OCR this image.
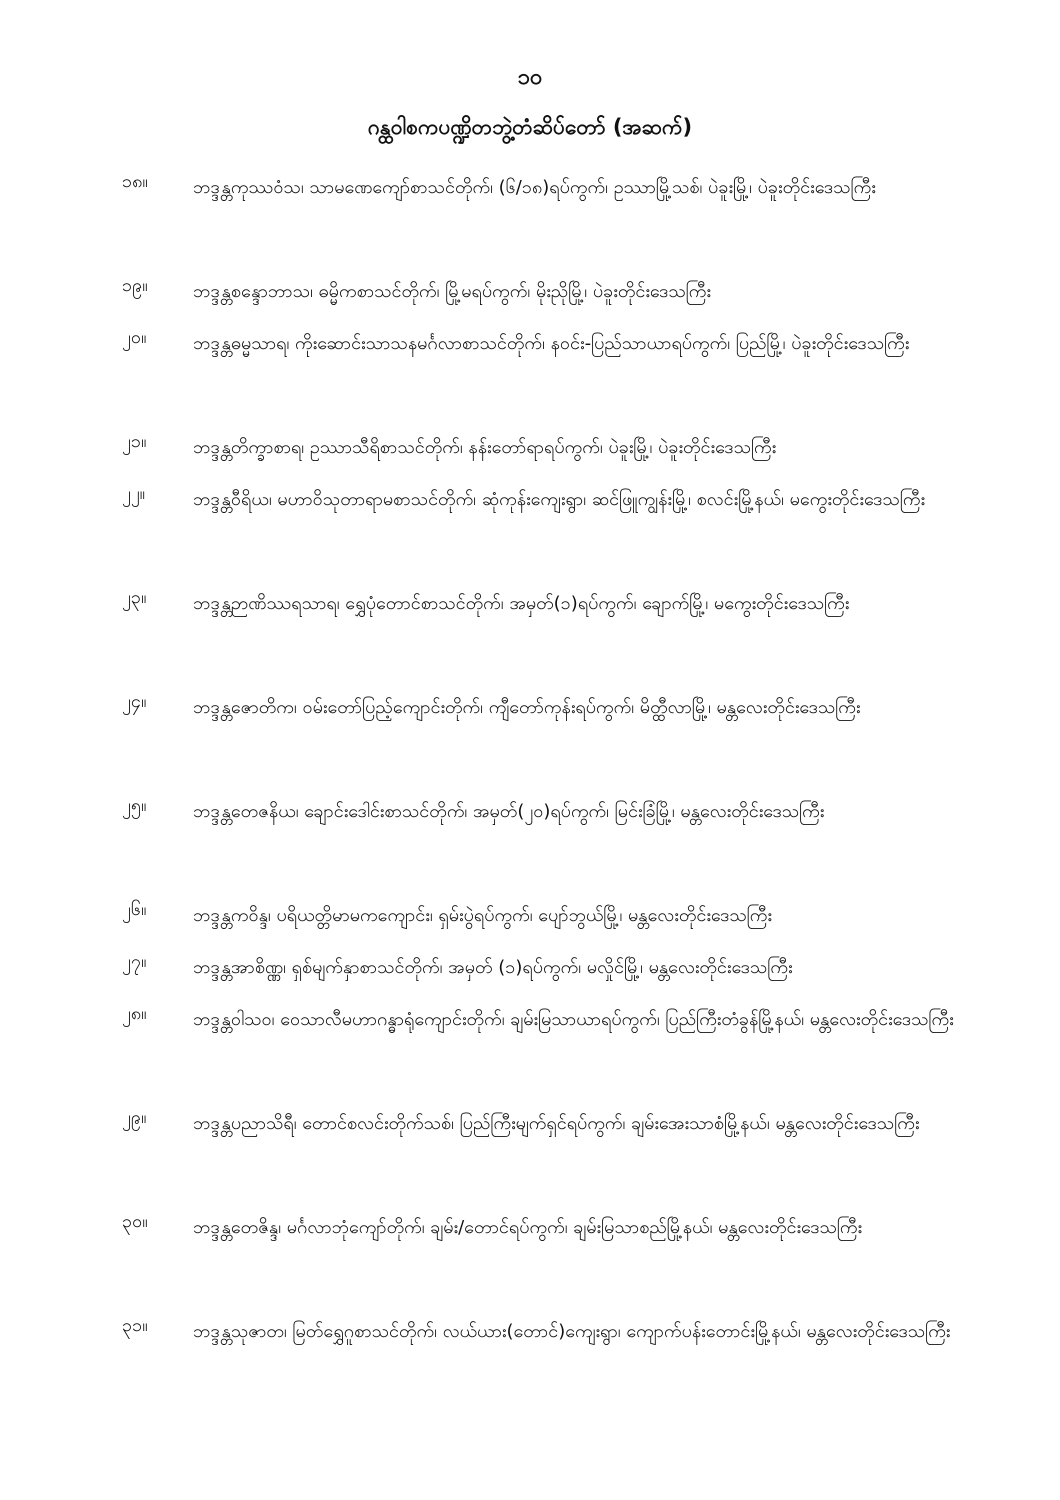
၁၀
ဂန္ထဝါစကပဏ္ဍိတဘွဲ့တံဆိပ်တော် (အဆက်)
၁၈။	ဘဒ္ဒန္တကုဿဝံသ၊ သာမဏေကျော်စာသင်တိုက်၊ (၆/၁၈)ရပ်ကွက်၊ ဥဿာမြို့သစ်၊ ပဲခူးမြို့၊ ပဲခူးတိုင်းဒေသကြီး
၁၉။	ဘဒ္ဒန္တစန္ဒောဘာသ၊ ဓမ္မိကစာသင်တိုက်၊ မြို့မရပ်ကွက်၊ မိုးညိုမြို့၊ ပဲခူးတိုင်းဒေသကြီး
၂၀။	ဘဒ္ဒန္တဓမ္မသာရ၊ ကိုးဆောင်းသာသနမင်္ဂလာစာသင်တိုက်၊ နဝင်း-ပြည်သာယာရပ်ကွက်၊ ပြည်မြို့၊ ပဲခူးတိုင်းဒေသကြီး
၂၁။	ဘဒ္ဒန္တတိက္ခာစာရ၊ ဥဿာသီရိစာသင်တိုက်၊ နန်းတော်ရာရပ်ကွက်၊ ပဲခူးမြို့၊ ပဲခူးတိုင်းဒေသကြီး
၂၂။	ဘဒ္ဒန္တဝီရိယ၊ မဟာဝိသုတာရာမစာသင်တိုက်၊ ဆုံကုန်းကျေးရွာ၊ ဆင်ဖြူကျွန်းမြို့၊ စလင်းမြို့နယ်၊ မကွေးတိုင်းဒေသကြီး
၂၃။	ဘဒ္ဒန္တဉာဏိဿရသာရ၊ ရွှေပုံတောင်စာသင်တိုက်၊ အမှတ်(၁)ရပ်ကွက်၊ ချောက်မြို့၊ မကွေးတိုင်းဒေသကြီး
၂၄။	ဘဒ္ဒန္တဇောတိက၊ ဝမ်းတော်ပြည့်ကျောင်းတိုက်၊ ကျီတော်ကုန်းရပ်ကွက်၊ မိတ္ထီလာမြို့၊ မန္တလေးတိုင်းဒေသကြီး
၂၅။	ဘဒ္ဒန္တတေဇနိယ၊ ချောင်းဒေါင်းစာသင်တိုက်၊ အမှတ်(၂၀)ရပ်ကွက်၊ မြင်းခြံမြို့၊ မန္တလေးတိုင်းဒေသကြီး
၂၆။	ဘဒ္ဒန္တကဝိန္ဒ၊ ပရိယတ္တိမာမကကျောင်း၊ ရှမ်းပွဲရပ်ကွက်၊ ပျော်ဘွယ်မြို့၊ မန္တလေးတိုင်းဒေသကြီး
၂၇။	ဘဒ္ဒန္တအာစိဏ္ဏ၊ ရှစ်မျက်နှာစာသင်တိုက်၊ အမှတ် (၁)ရပ်ကွက်၊ မလှိုင်မြို့၊ မန္တလေးတိုင်းဒေသကြီး
၂၈။	ဘဒ္ဒန္တဝါသဝ၊ ဝေသာလီမဟာဂန္ဓာရုံကျောင်းတိုက်၊ ချမ်းမြသာယာရပ်ကွက်၊ ပြည်ကြီးတံခွန်မြို့နယ်၊ မန္တလေးတိုင်းဒေသကြီး
၂၉။	ဘဒ္ဒန္တပညာသိရီ၊ တောင်စလင်းတိုက်သစ်၊ ပြည်ကြီးမျက်ရှင်ရပ်ကွက်၊ ချမ်းအေးသာစံမြို့နယ်၊ မန္တလေးတိုင်းဒေသကြီး
၃၀။	ဘဒ္ဒန္တတေဇိန္ဒ၊ မင်္ဂလာဘုံကျော်တိုက်၊ ချမ်း/တောင်ရပ်ကွက်၊ ချမ်းမြသာစည်မြို့နယ်၊ မန္တလေးတိုင်းဒေသကြီး
၃၁။	ဘဒ္ဒန္တသုဇာတ၊ မြတ်ရွှေဂူစာသင်တိုက်၊ လယ်ယား(တောင်)ကျေးရွာ၊ ကျောက်ပန်းတောင်းမြို့နယ်၊ မန္တလေးတိုင်းဒေသကြီး
